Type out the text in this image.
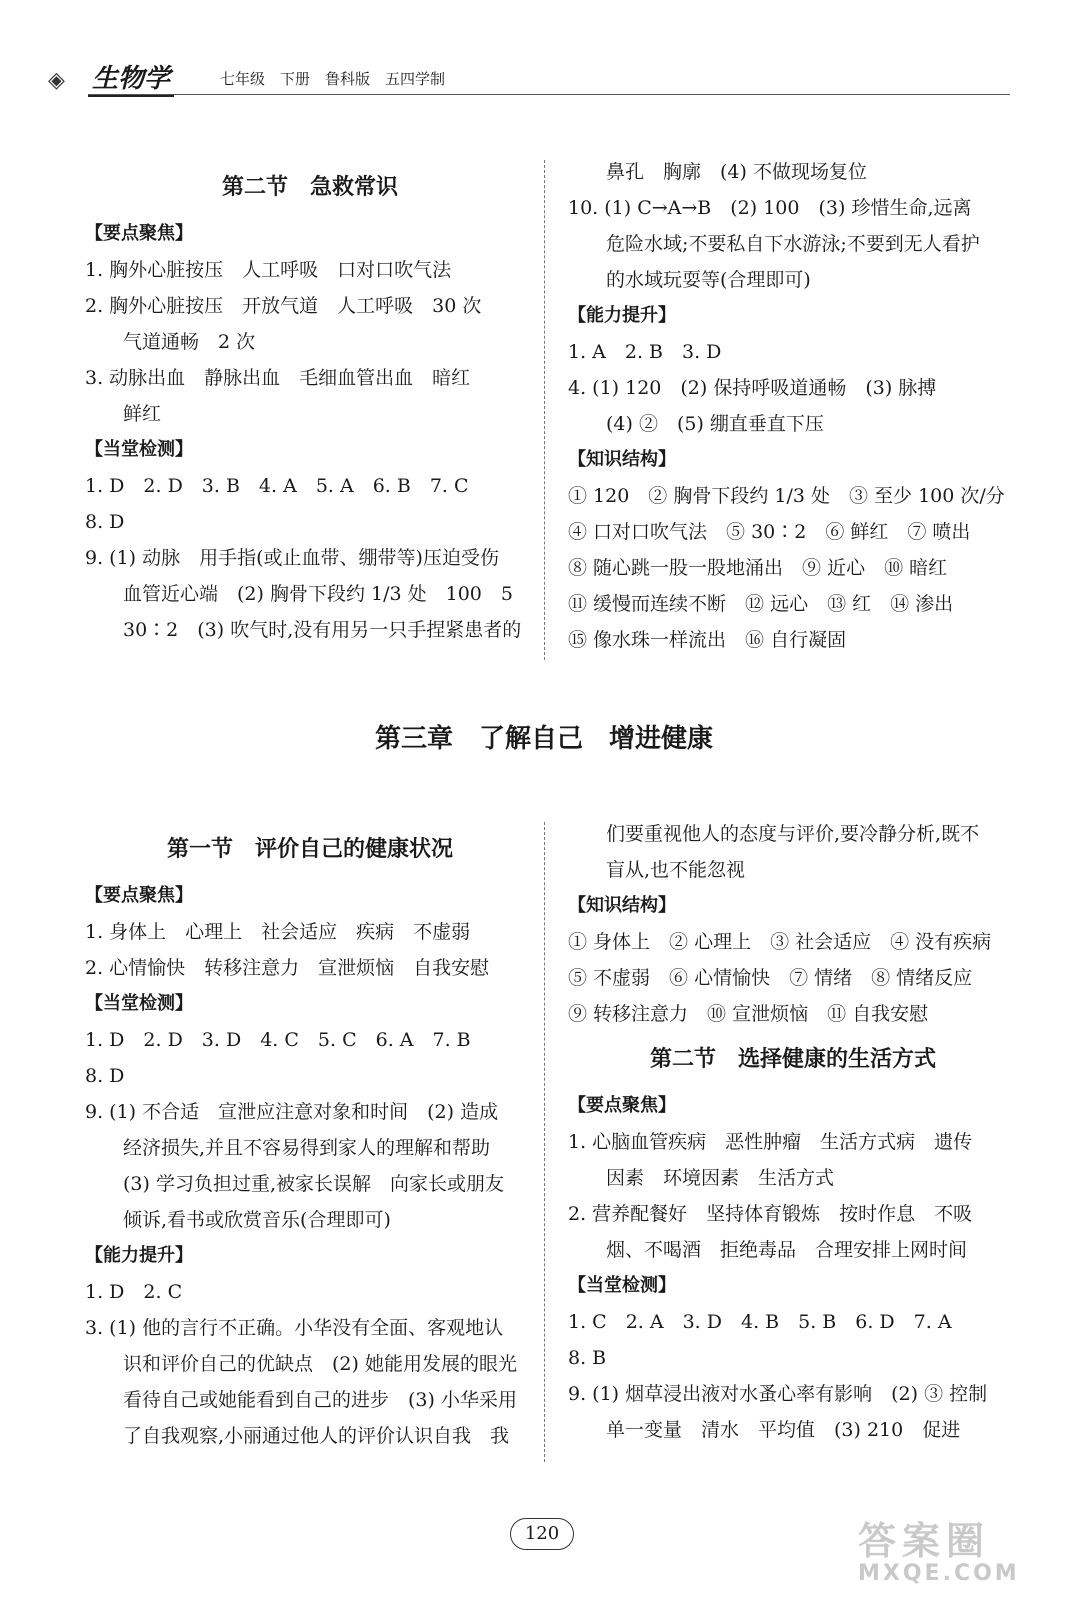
◈ 生物学	七年级　下册　鲁科版　五四学制
第二节　急救常识
【要点聚焦】
1. 胸外心脏按压　人工呼吸　口对口吹气法
2. 胸外心脏按压　开放气道　人工呼吸　30 次
气道通畅　2 次
3. 动脉出血　静脉出血　毛细血管出血　暗红
鲜红
【当堂检测】
1. D　2. D　3. B　4. A　5. A　6. B　7. C
8. D
9. (1) 动脉　用手指(或止血带、绷带等)压迫受伤
血管近心端　(2) 胸骨下段约 1/3 处　100　5
30∶2　(3) 吹气时,没有用另一只手捏紧患者的
鼻孔　胸廓　(4) 不做现场复位
10. (1) C→A→B　(2) 100　(3) 珍惜生命,远离
危险水域;不要私自下水游泳;不要到无人看护
的水域玩耍等(合理即可)
【能力提升】
1. A　2. B　3. D
4. (1) 120　(2) 保持呼吸道通畅　(3) 脉搏
(4) ②　(5) 绷直垂直下压
【知识结构】
① 120　② 胸骨下段约 1/3 处　③ 至少 100 次/分
④ 口对口吹气法　⑤ 30∶2　⑥ 鲜红　⑦ 喷出
⑧ 随心跳一股一股地涌出　⑨ 近心　⑩ 暗红
⑪ 缓慢而连续不断　⑫ 远心　⑬ 红　⑭ 渗出
⑮ 像水珠一样流出　⑯ 自行凝固
第三章　了解自己　增进健康
第一节　评价自己的健康状况
【要点聚焦】
1. 身体上　心理上　社会适应　疾病　不虚弱
2. 心情愉快　转移注意力　宣泄烦恼　自我安慰
【当堂检测】
1. D　2. D　3. D　4. C　5. C　6. A　7. B
8. D
9. (1) 不合适　宣泄应注意对象和时间　(2) 造成
经济损失,并且不容易得到家人的理解和帮助
(3) 学习负担过重,被家长误解　向家长或朋友
倾诉,看书或欣赏音乐(合理即可)
【能力提升】
1. D　2. C
3. (1) 他的言行不正确。小华没有全面、客观地认
识和评价自己的优缺点　(2) 她能用发展的眼光
看待自己或她能看到自己的进步　(3) 小华采用
了自我观察,小丽通过他人的评价认识自我　我
们要重视他人的态度与评价,要冷静分析,既不
盲从,也不能忽视
【知识结构】
① 身体上　② 心理上　③ 社会适应　④ 没有疾病
⑤ 不虚弱　⑥ 心情愉快　⑦ 情绪　⑧ 情绪反应
⑨ 转移注意力　⑩ 宣泄烦恼　⑪ 自我安慰
第二节　选择健康的生活方式
【要点聚焦】
1. 心脑血管疾病　恶性肿瘤　生活方式病　遗传
因素　环境因素　生活方式
2. 营养配餐好　坚持体育锻炼　按时作息　不吸
烟、不喝酒　拒绝毒品　合理安排上网时间
【当堂检测】
1. C　2. A　3. D　4. B　5. B　6. D　7. A
8. B
9. (1) 烟草浸出液对水蚤心率有影响　(2) ③ 控制
单一变量　清水　平均值　(3) 210　促进
120	答案圈
MXQE.COM
